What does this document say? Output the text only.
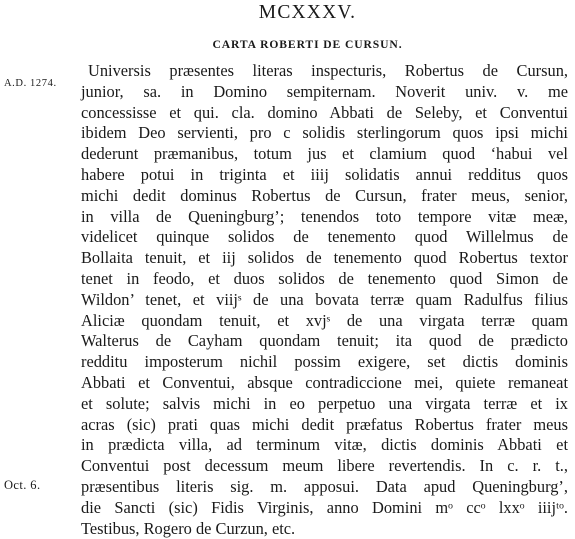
MCXXXV.
CARTA ROBERTI DE CURSUN.
A.D. 1274.
Oct. 6.
Universis præsentes literas inspecturis, Robertus de Cursun,
junior, sa. in Domino sempiternam. Noverit univ. v. me
concessisse et qui. cla. domino Abbati de Seleby, et Conventui
ibidem Deo servienti, pro c solidis sterlingorum quos ipsi michi
dederunt præmanibus, totum jus et clamium quod ‘habui vel
habere potui in triginta et iiij solidatis annui redditus quos
michi dedit dominus Robertus de Cursun, frater meus, senior,
in villa de Queningburg’; tenendos toto tempore vitæ meæ,
videlicet quinque solidos de tenemento quod Willelmus de
Bollaita tenuit, et iij solidos de tenemento quod Robertus textor
tenet in feodo, et duos solidos de tenemento quod Simon de
Wildon’ tenet, et viijˢ de una bovata terræ quam Radulfus filius
Aliciæ quondam tenuit, et xvjˢ de una virgata terræ quam
Walterus de Cayham quondam tenuit; ita quod de prædicto
redditu imposterum nichil possim exigere, set dictis dominis
Abbati et Conventui, absque contradiccione mei, quiete remaneat
et solute; salvis michi in eo perpetuo una virgata terræ et ix
acras (sic) prati quas michi dedit præfatus Robertus frater meus
in prædicta villa, ad terminum vitæ, dictis dominis Abbati et
Conventui post decessum meum libere revertendis. In c. r. t.,
præsentibus literis sig. m. apposui. Data apud Queningburg’,
die Sancti (sic) Fidis Virginis, anno Domini mᵒ ccᵒ lxxᵒ iiijᵗᵒ.
Testibus, Rogero de Curzun, etc.
